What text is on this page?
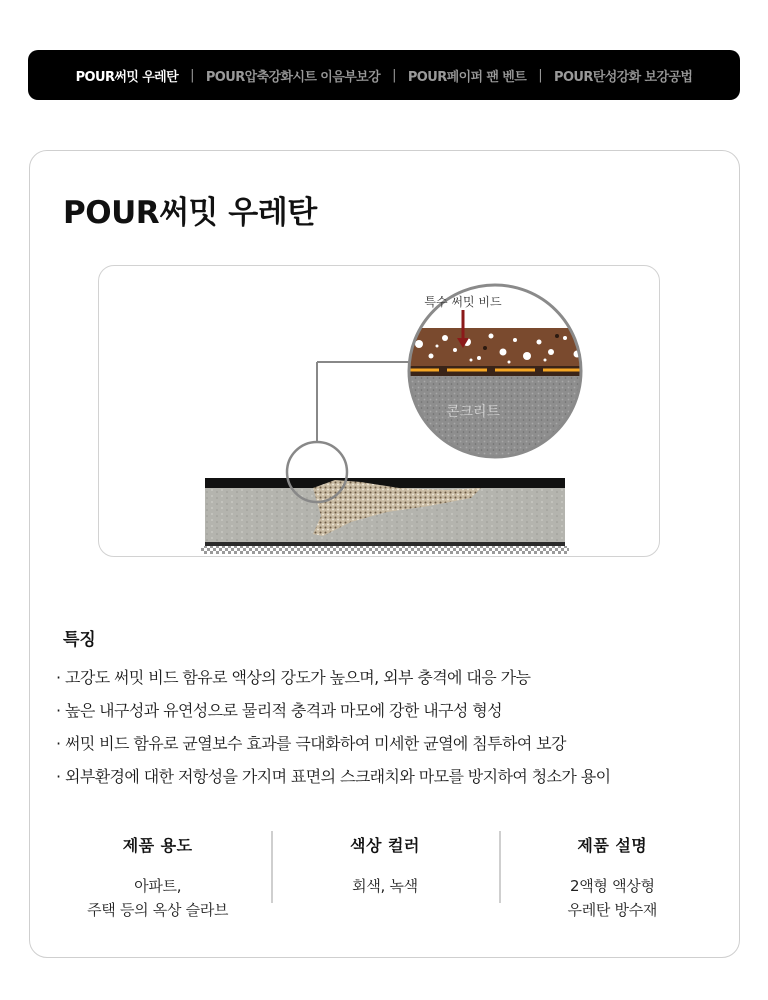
POUR써밋 우레탄 | POUR압축강화시트 이음부보강 | POUR페이퍼 팬 벤트 | POUR탄성강화 보강공법
POUR써밋 우레탄
특수 써밋 비드
콘크리트
특징
· 고강도 써밋 비드 함유로 액상의 강도가 높으며, 외부 충격에 대응 가능
· 높은 내구성과 유연성으로 물리적 충격과 마모에 강한 내구성 형성
· 써밋 비드 함유로 균열보수 효과를 극대화하여 미세한 균열에 침투하여 보강
· 외부환경에 대한 저항성을 가지며 표면의 스크래치와 마모를 방지하여 청소가 용이
제품 용도
아파트,
주택 등의 옥상 슬라브
색상 컬러
회색, 녹색
제품 설명
2액형 액상형
우레탄 방수재
